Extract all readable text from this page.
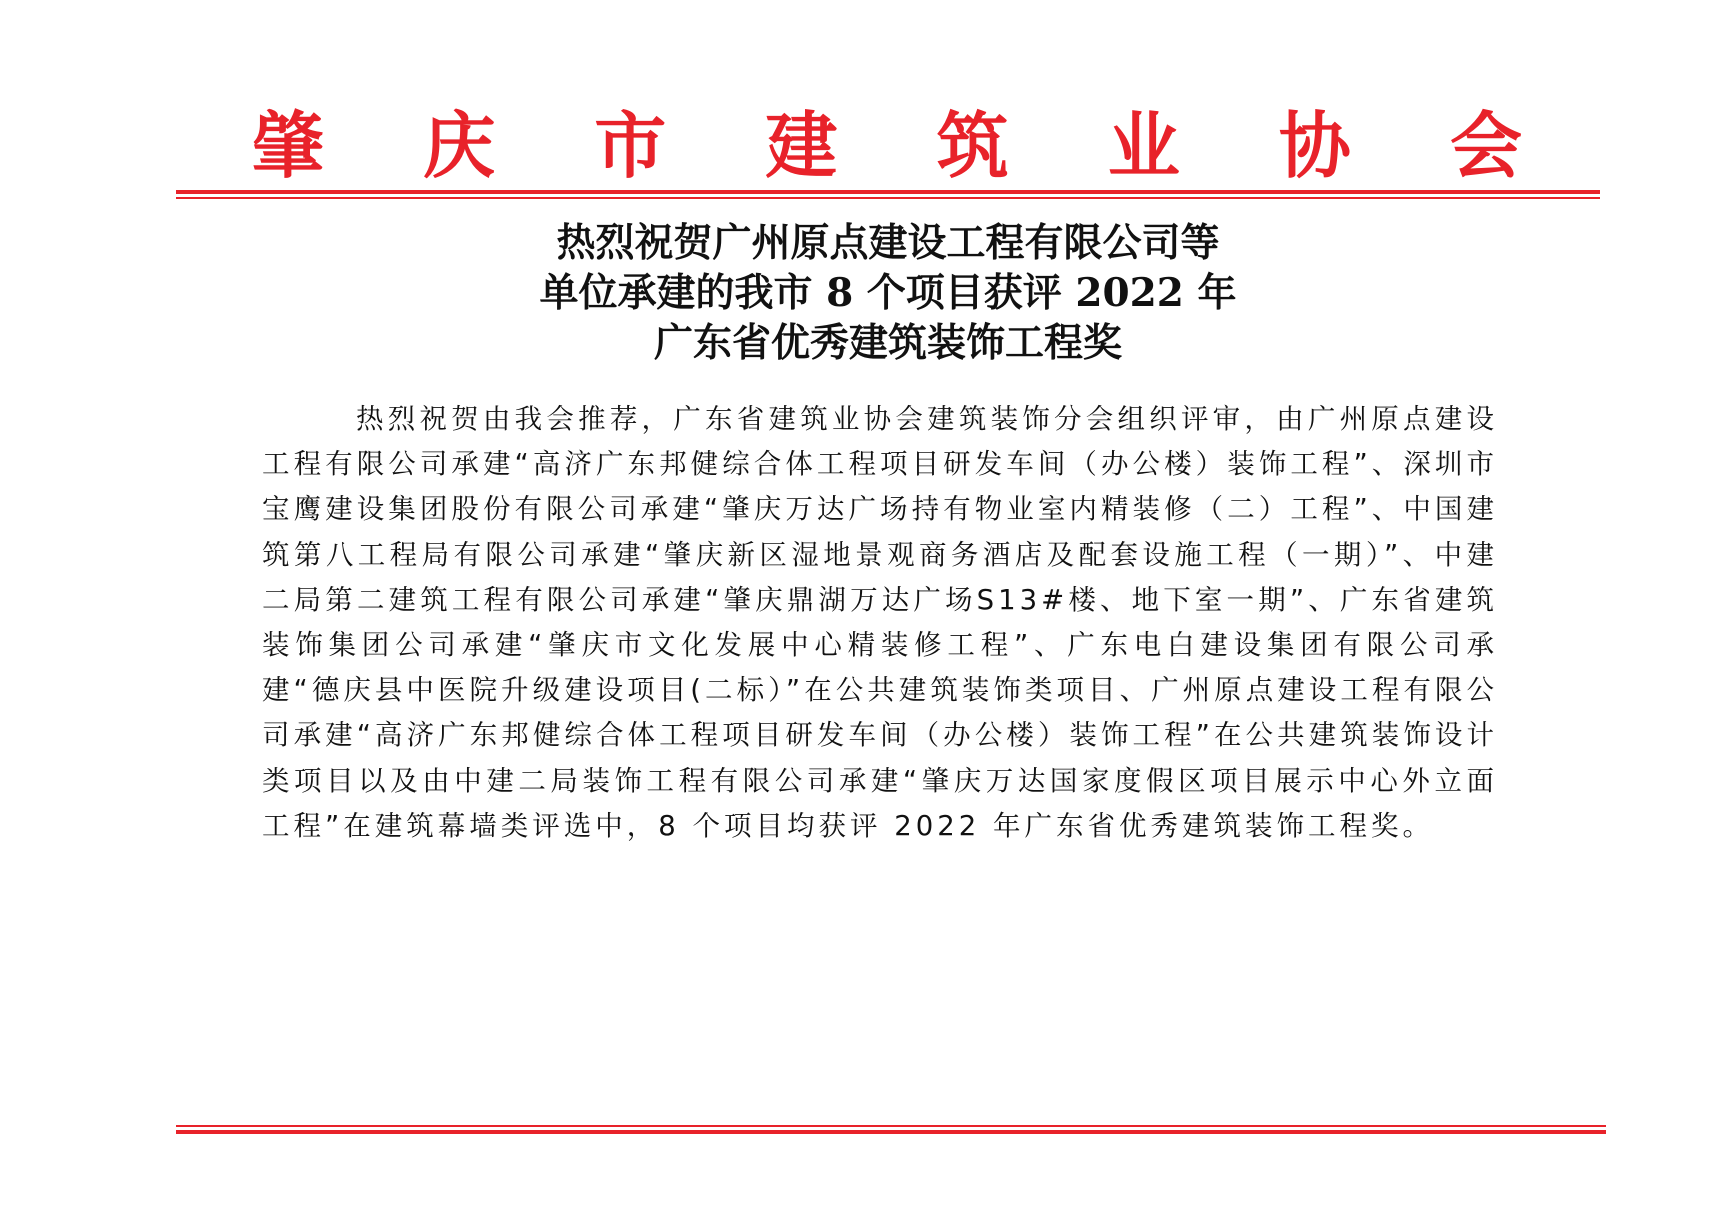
肇 庆 市 建 筑 业 协 会
热烈祝贺广州原点建设工程有限公司等
单位承建的我市 8 个项目获评 2022 年
广东省优秀建筑装饰工程奖
热烈祝贺由我会推荐，广东省建筑业协会建筑装饰分会组织评审，由广州原点建设工程有限公司承建“高济广东邦健综合体工程项目研发车间（办公楼）装饰工程”、深圳市宝鹰建设集团股份有限公司承建“肇庆万达广场持有物业室内精装修（二）工程”、中国建筑第八工程局有限公司承建“肇庆新区湿地景观商务酒店及配套设施工程（一期）”、中建二局第二建筑工程有限公司承建“肇庆鼎湖万达广场S13#楼、地下室一期”、广东省建筑装饰集团公司承建“肇庆市文化发展中心精装修工程”、广东电白建设集团有限公司承建“德庆县中医院升级建设项目(二标）”在公共建筑装饰类项目、广州原点建设工程有限公司承建“高济广东邦健综合体工程项目研发车间（办公楼）装饰工程”在公共建筑装饰设计类项目以及由中建二局装饰工程有限公司承建“肇庆万达国家度假区项目展示中心外立面工程”在建筑幕墙类评选中，8 个项目均获评 2022 年广东省优秀建筑装饰工程奖。
